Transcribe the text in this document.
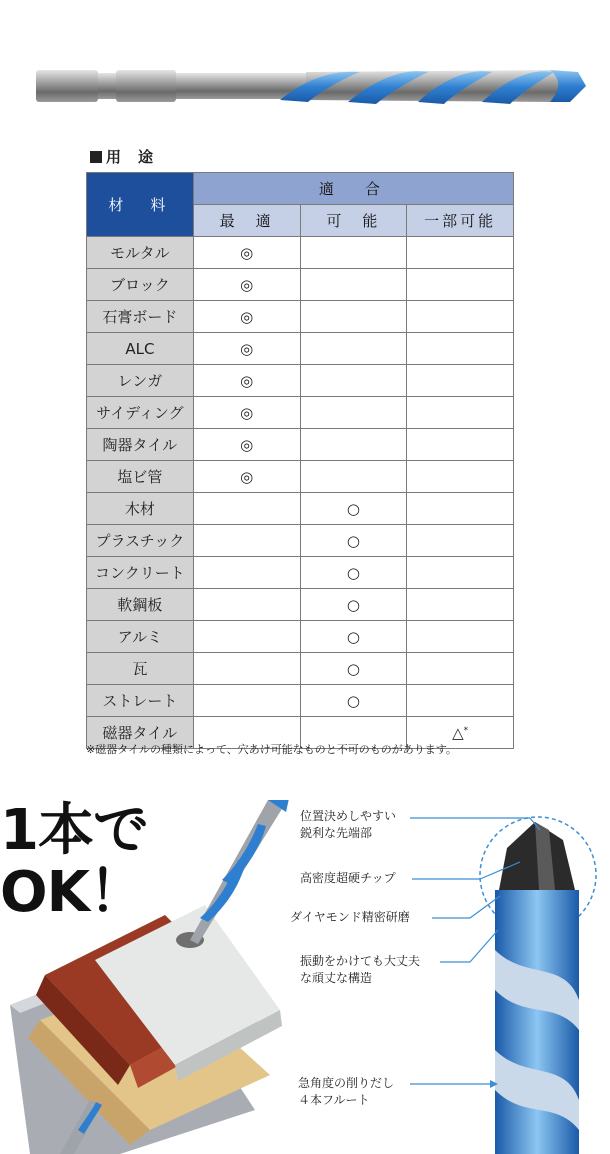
用　途
材　料	適　合		
	最　適	可　能	一部可能
モルタル	◎		
ブロック	◎		
石膏ボード	◎		
ALC	◎		
レンガ	◎		
サイディング	◎		
陶器タイル	◎		
塩ビ管	◎		
木材		○	
プラスチック		○	
コンクリート		○	
軟鋼板		○	
アルミ		○	
瓦		○	
ストレート		○	
磁器タイル			△*
※磁器タイルの種類によって、穴あけ可能なものと不可のものがあります。
1本で
OK！
位置決めしやすい
鋭利な先端部
高密度超硬チップ
ダイヤモンド精密研磨
振動をかけても大丈夫
な頑丈な構造
急角度の削りだし
４本フルート
